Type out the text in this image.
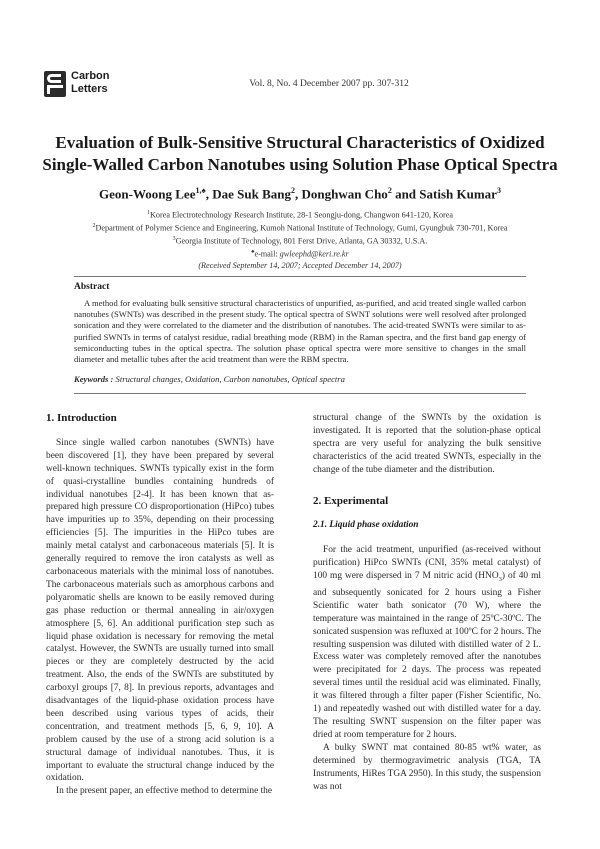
Carbon
Letters	Vol. 8, No. 4 December 2007 pp. 307-312
Evaluation of Bulk-Sensitive Structural Characteristics of Oxidized
Single-Walled Carbon Nanotubes using Solution Phase Optical Spectra
Geon-Woong Lee$^{1,♠}$, Dae Suk Bang$^2$, Donghwan Cho$^2$ and Satish Kumar$^3$
$^1$Korea Electrotechnology Research Institute, 28-1 Seongju-dong, Changwon 641-120, Korea
$^2$Department of Polymer Science and Engineering, Kumoh National Institute of Technology, Gumi, Gyungbuk 730-701, Korea
$^3$Georgia Institute of Technology, 801 Ferst Drive, Atlanta, GA 30332, U.S.A.
♠e-mail: gwleephd@keri.re.kr
(Received September 14, 2007; Accepted December 14, 2007)
Abstract
A method for evaluating bulk sensitive structural characteristics of unpurified, as-purified, and acid treated single walled carbon nanotubes (SWNTs) was described in the present study. The optical spectra of SWNT solutions were well resolved after prolonged sonication and they were correlated to the diameter and the distribution of nanotubes. The acid-treated SWNTs were similar to as-purified SWNTs in terms of catalyst residue, radial breathing mode (RBM) in the Raman spectra, and the first band gap energy of semiconducting tubes in the optical spectra. The solution phase optical spectra were more sensitive to changes in the small diameter and metallic tubes after the acid treatment than were the RBM spectra.
Keywords : Structural changes, Oxidation, Carbon nanotubes, Optical spectra
1. Introduction

Since single walled carbon nanotubes (SWNTs) have been discovered [1], they have been prepared by several well-known techniques. SWNTs typically exist in the form of quasi-crystalline bundles containing hundreds of individual nanotubes [2-4]. It has been known that as-prepared high pressure CO disproportionation (HiPco) tubes have impurities up to 35%, depending on their processing efficiencies [5]. The impurities in the HiPco tubes are mainly metal catalyst and carbonaceous materials [5]. It is generally required to remove the iron catalysts as well as carbonaceous materials with the minimal loss of nanotubes. The carbonaceous materials such as amorphous carbons and polyaromatic shells are known to be easily removed during gas phase reduction or thermal annealing in air/oxygen atmosphere [5, 6]. An additional purification step such as liquid phase oxidation is necessary for removing the metal catalyst. However, the SWNTs are usually turned into small pieces or they are completely destructed by the acid treatment. Also, the ends of the SWNTs are substituted by carboxyl groups [7, 8]. In previous reports, advantages and disadvantages of the liquid-phase oxidation process have been described using various types of acids, their concentration, and treatment methods [5, 6, 9, 10]. A problem caused by the use of a strong acid solution is a structural damage of individual nanotubes. Thus, it is important to evaluate the structural change induced by the oxidation.

In the present paper, an effective method to determine the

structural change of the SWNTs by the oxidation is investigated. It is reported that the solution-phase optical spectra are very useful for analyzing the bulk sensitive characteristics of the acid treated SWNTs, especially in the change of the tube diameter and the distribution.

2. Experimental
2.1. Liquid phase oxidation

For the acid treatment, unpurified (as-received without purification) HiPco SWNTs (CNI, 35% metal catalyst) of 100 mg were dispersed in 7 M nitric acid $(HNO_3)$ of 40 ml and subsequently sonicated for 2 hours using a Fisher Scientific water bath sonicator (70 W), where the temperature was maintained in the range of 25ºC-30ºC. The sonicated suspension was refluxed at 100ºC for 2 hours. The resulting suspension was diluted with distilled water of 2 L. Excess water was completely removed after the nanotubes were precipitated for 2 days. The process was repeated several times until the residual acid was eliminated. Finally, it was filtered through a filter paper (Fisher Scientific, No. 1) and repeatedly washed out with distilled water for a day. The resulting SWNT suspension on the filter paper was dried at room temperature for 2 hours.

A bulky SWNT mat contained 80-85 wt% water, as determined by thermogravimetric analysis (TGA, TA Instruments, HiRes TGA 2950). In this study, the suspension was not
